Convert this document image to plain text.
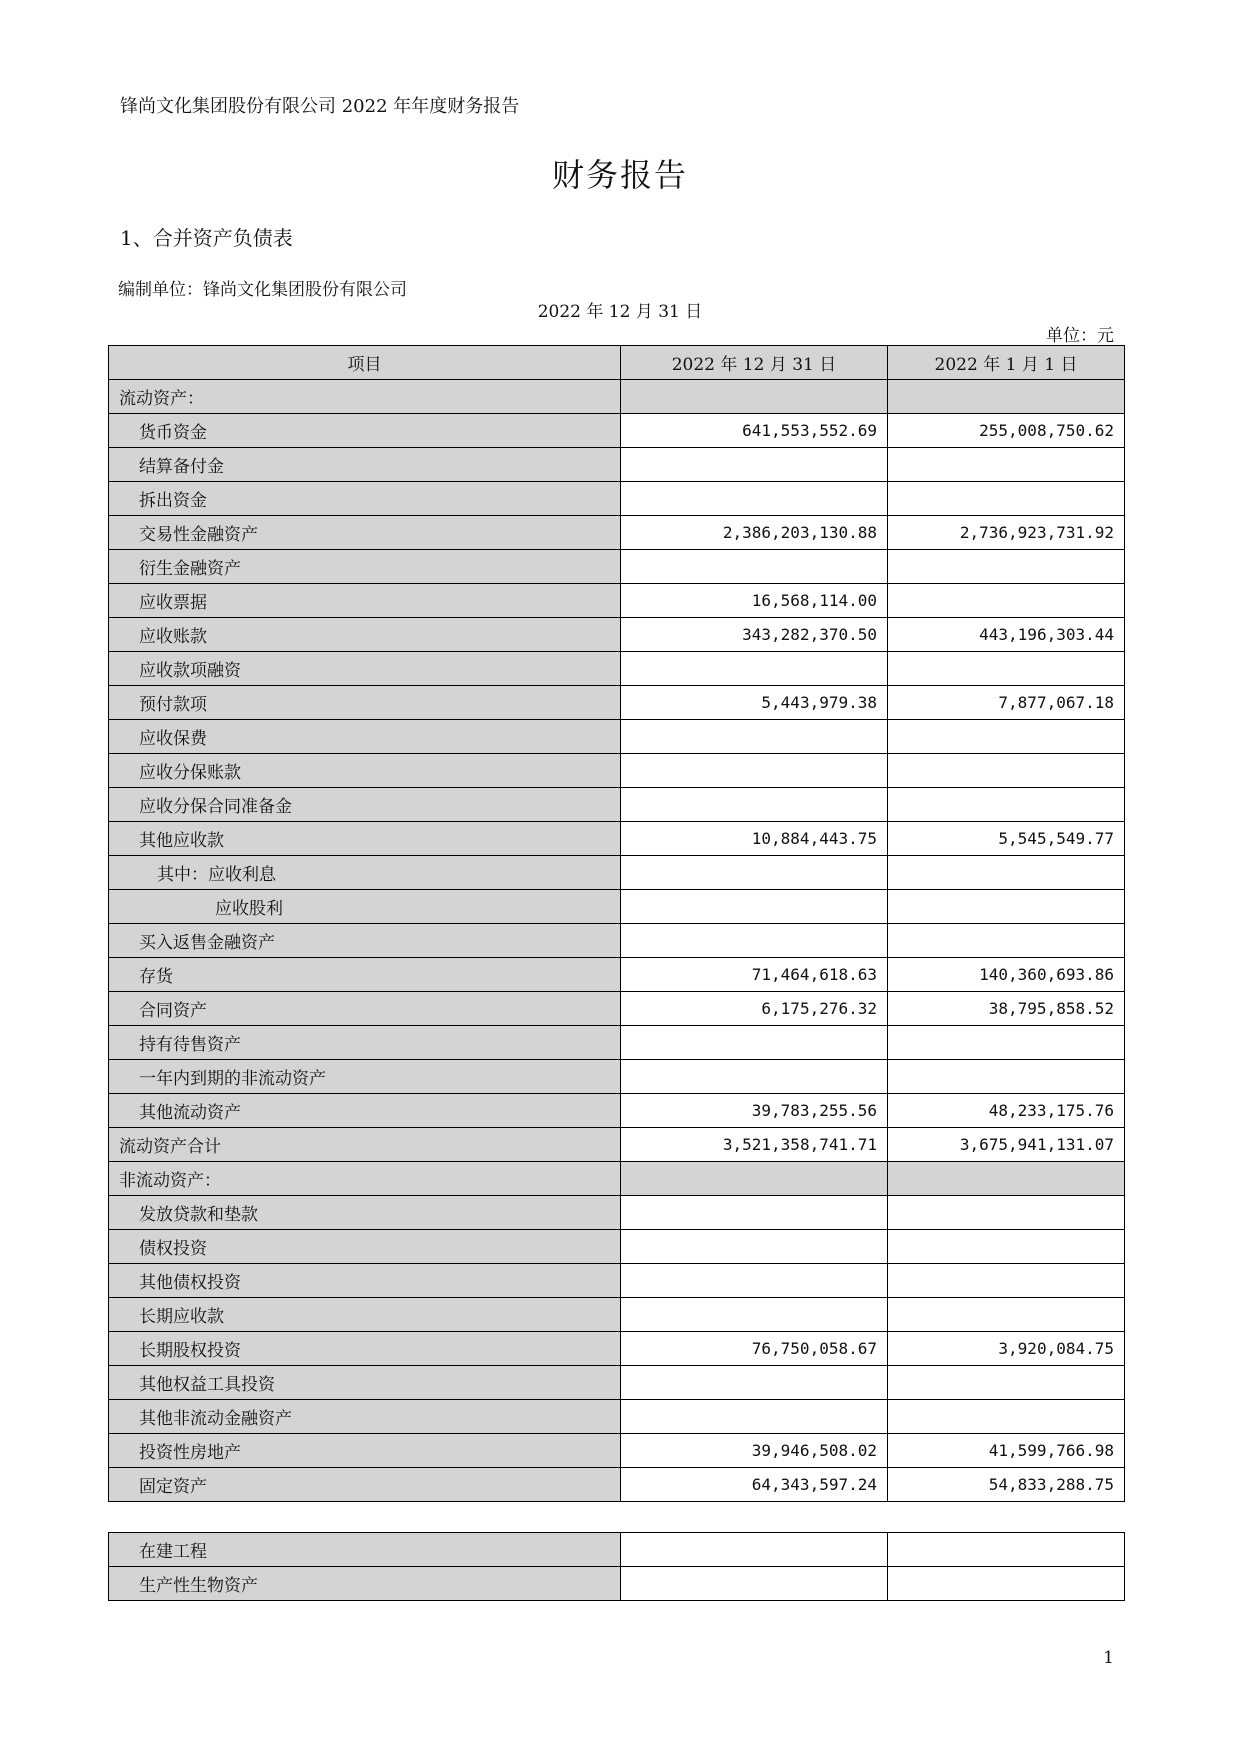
锋尚文化集团股份有限公司 2022 年年度财务报告
财务报告
1、合并资产负债表
编制单位：锋尚文化集团股份有限公司
2022 年 12 月 31 日
单位：元
项目	2022 年 12 月 31 日	2022 年 1 月 1 日
流动资产：		
货币资金	641,553,552.69	255,008,750.62
结算备付金		
拆出资金		
交易性金融资产	2,386,203,130.88	2,736,923,731.92
衍生金融资产		
应收票据	16,568,114.00	
应收账款	343,282,370.50	443,196,303.44
应收款项融资		
预付款项	5,443,979.38	7,877,067.18
应收保费		
应收分保账款		
应收分保合同准备金		
其他应收款	10,884,443.75	5,545,549.77
其中：应收利息		
应收股利		
买入返售金融资产		
存货	71,464,618.63	140,360,693.86
合同资产	6,175,276.32	38,795,858.52
持有待售资产		
一年内到期的非流动资产		
其他流动资产	39,783,255.56	48,233,175.76
流动资产合计	3,521,358,741.71	3,675,941,131.07
非流动资产：		
发放贷款和垫款		
债权投资		
其他债权投资		
长期应收款		
长期股权投资	76,750,058.67	3,920,084.75
其他权益工具投资		
其他非流动金融资产		
投资性房地产	39,946,508.02	41,599,766.98
固定资产	64,343,597.24	54,833,288.75
在建工程		
生产性生物资产		
1
